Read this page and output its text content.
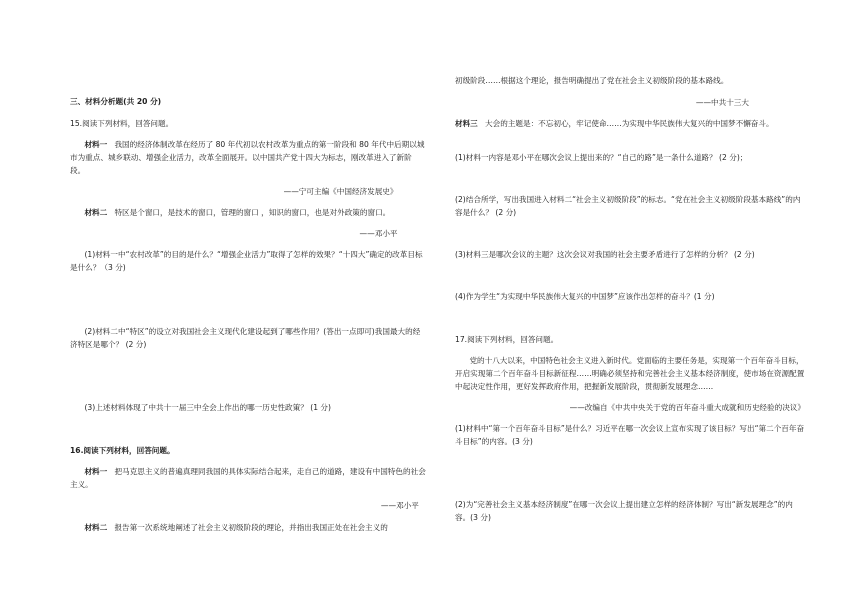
三、材料分析题(共 20 分)

15.阅读下列材料，回答问题。

材料一 我国的经济体制改革在经历了 80 年代初以农村改革为重点的第一阶段和 80 年代中后期以城市为重点、城乡联动、增强企业活力，改革全面展开。以中国共产党十四大为标志，刚改革进入了新阶段。

——宁可主编《中国经济发展史》

材料二 特区是个窗口，是技术的窗口，管理的窗口 ，知识的窗口，也是对外政策的窗口。

——邓小平

(1)材料一中“农村改革”的目的是什么？“增强企业活力”取得了怎样的效果？“十四大”确定的改革目标是什么？（3 分)

(2)材料二中“特区”的设立对我国社会主义现代化建设起到了哪些作用？(答出一点即可)我国最大的经济特区是哪个？ (2 分)

(3)上述材料体现了中共十一届三中全会上作出的哪一历史性政策？ (1 分)

16.阅读下列材料，回答问题。

材料一 把马克思主义的普遍真理同我国的具体实际结合起来，走自己的道路，建设有中国特色的社会主义。

——邓小平

材料二 报告第一次系统地阐述了社会主义初级阶段的理论，并指出我国正处在社会主义的

初级阶段……根据这个理论，报告明确提出了党在社会主义初级阶段的基本路线。

——中共十三大

材料三 大会的主题是：不忘初心，牢记使命……为实现中华民族伟大复兴的中国梦不懈奋斗。

(1)材料一内容是邓小平在哪次会议上提出来的？“自己的路”是一条什么道路？ (2 分)；

(2)结合所学，写出我国进入材料二“社会主义初级阶段”的标志。“党在社会主义初级阶段基本路线”的内容是什么？ (2 分)

(3)材料三是哪次会议的主题？这次会议对我国的社会主要矛盾进行了怎样的分析？ (2 分)

(4)作为学生“为实现中华民族伟大复兴的中国梦”应该作出怎样的奋斗？(1 分)

17.阅读下列材料，回答问题。

党的十八大以来，中国特色社会主义进入新时代。党面临的主要任务是，实现第一个百年奋斗目标，开启实现第二个百年奋斗目标新征程……明确必须坚持和完善社会主义基本经济制度，使市场在资源配置中起决定性作用，更好发挥政府作用，把握新发展阶段，贯彻新发展理念……

——改编自《中共中央关于党的百年奋斗重大成就和历史经验的决议》

(1)材料中“第一个百年奋斗目标”是什么？习近平在哪一次会议上宣布实现了该目标？写出“第二个百年奋斗目标”的内容。(3 分)

(2)为“完善社会主义基本经济制度”在哪一次会议上提出建立怎样的经济体制？写出“新发展理念”的内容。(3 分)
